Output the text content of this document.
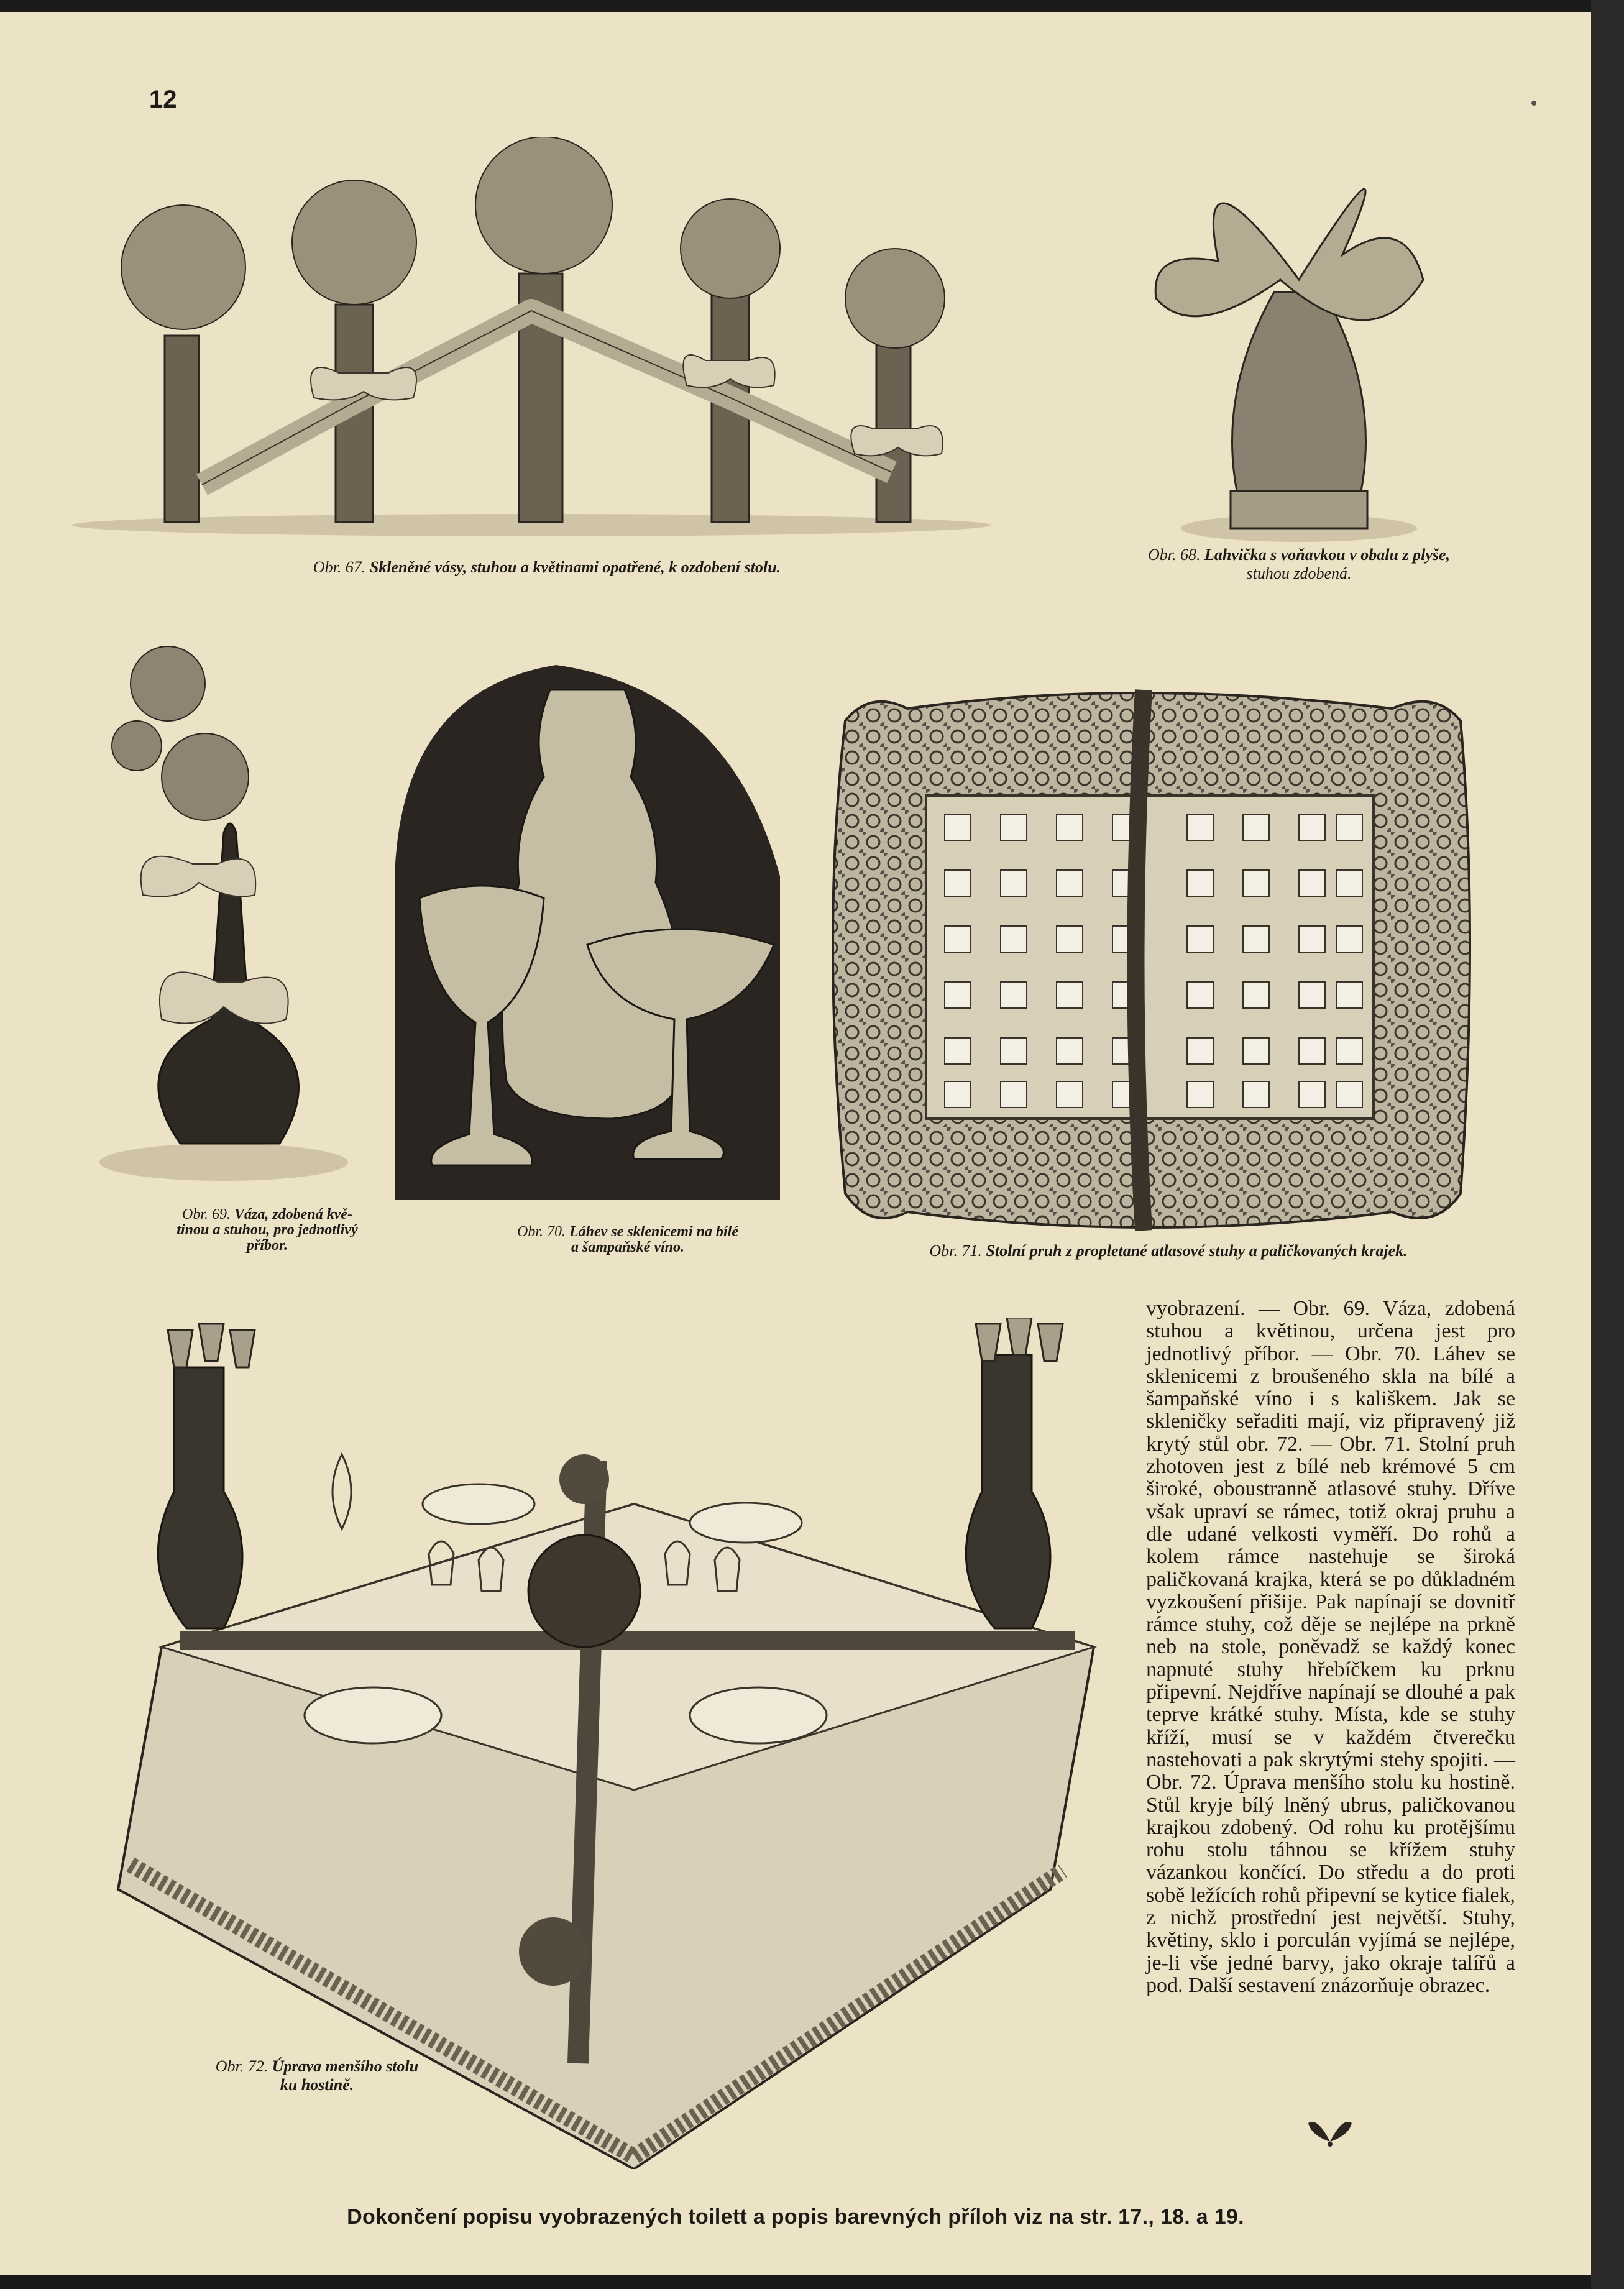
12
Obr. 67. Skleněné vásy, stuhou a květinami opatřené, k ozdobení stolu.
Obr. 68. Lahvička s voňavkou v obalu z plyše,
stuhou zdobená.
Obr. 69. Váza, zdobená kvě-
tinou a stuhou, pro jednotlivý
příbor.
Obr. 70. Láhev se sklenicemi na bílé
a šampaňské víno.	Obr. 71. Stolní pruh z propletané atlasové stuhy a paličkovaných krajek.
Obr. 72. Úprava menšího stolu
ku hostině.
vyobrazení. — Obr. 69. Váza, zdobená stuhou a květinou, určena jest pro jednotlivý příbor. — Obr. 70. Láhev se sklenicemi z broušeného skla na bílé a šampaňské víno i s kališkem. Jak se skleničky seřaditi mají, viz připravený již krytý stůl obr. 72. — Obr. 71. Stolní pruh zhotoven jest z bílé neb krémové 5 cm široké, oboustranně atlasové stuhy. Dříve však upraví se rámec, totiž okraj pruhu a dle udané velkosti vyměří. Do rohů a kolem rámce nastehuje se široká paličkovaná krajka, která se po důkladném vyzkoušení přišije. Pak napínají se dovnitř rámce stuhy, což děje se nejlépe na prkně neb na stole, poněvadž se každý konec napnuté stuhy hřebíčkem ku prknu připevní. Nejdříve napínají se dlouhé a pak teprve krátké stuhy. Místa, kde se stuhy kříží, musí se v každém čtverečku nastehovati a pak skrytými stehy spojiti. — Obr. 72. Úprava menšího stolu ku hostině. Stůl kryje bílý lněný ubrus, paličkovanou krajkou zdobený. Od rohu ku protějšímu rohu stolu táhnou se křížem stuhy vázankou končící. Do středu a do proti sobě ležících rohů připevní se kytice fialek, z nichž prostřední jest největší. Stuhy, květiny, sklo i porculán vyjímá se nejlépe, je-li vše jedné barvy, jako okraje talířů a pod. Další sestavení znázorňuje obrazec.
Dokončení popisu vyobrazených toilett a popis barevných příloh viz na str. 17., 18. a 19.
